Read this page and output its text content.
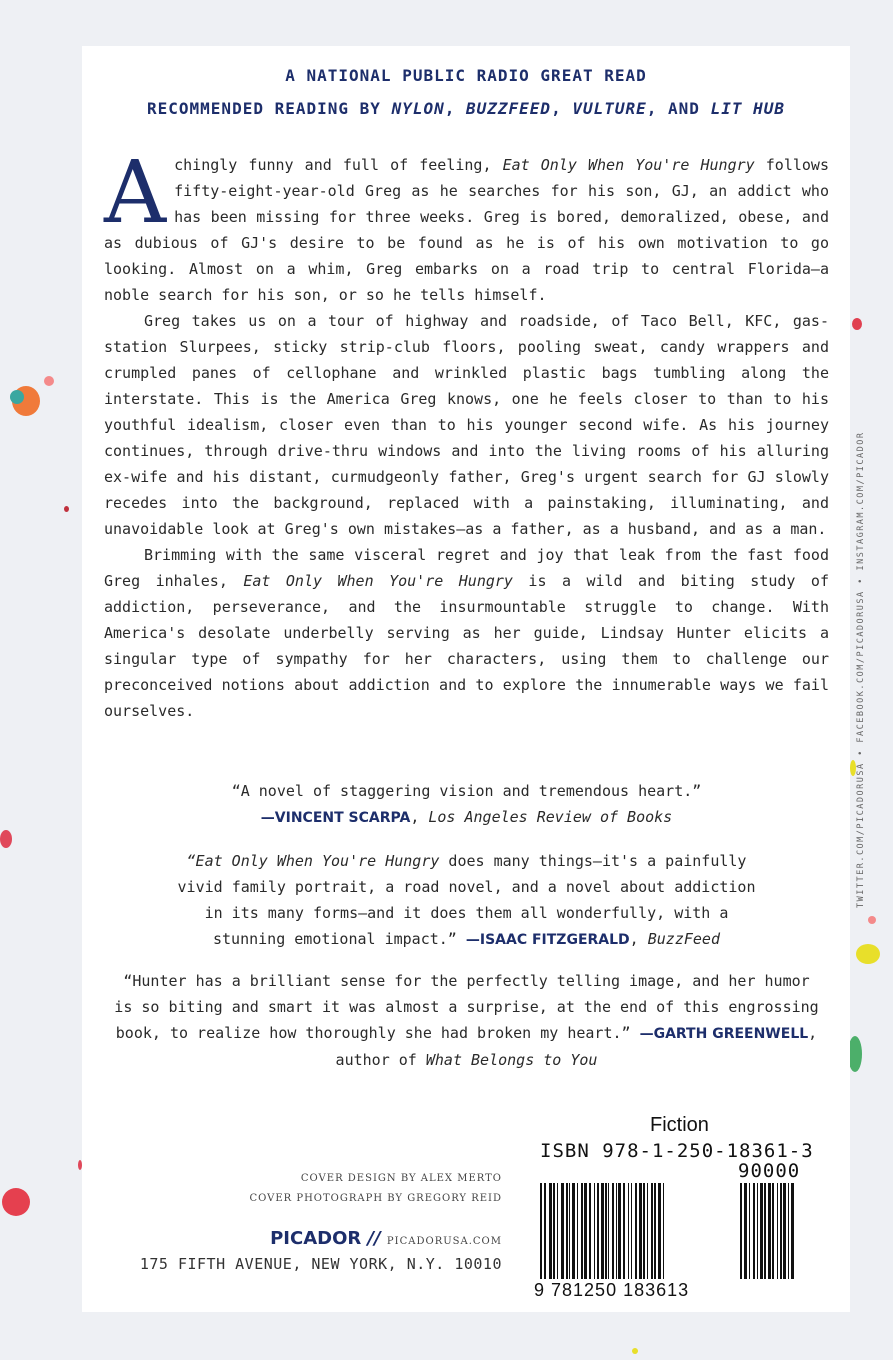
TWITTER.COM/PICADORUSA • FACEBOOK.COM/PICADORUSA • INSTAGRAM.COM/PICADOR
A NATIONAL PUBLIC RADIO GREAT READ
RECOMMENDED READING BY NYLON, BUZZFEED, VULTURE, AND LIT HUB

Achingly funny and full of feeling, Eat Only When You're Hungry follows fifty-eight-year-old Greg as he searches for his son, GJ, an addict who has been missing for three weeks. Greg is bored, demoralized, obese, and as dubious of GJ's desire to be found as he is of his own motivation to go looking. Almost on a whim, Greg embarks on a road trip to central Florida—a noble search for his son, or so he tells himself.

Greg takes us on a tour of highway and roadside, of Taco Bell, KFC, gas-station Slurpees, sticky strip-club floors, pooling sweat, candy wrappers and crumpled panes of cellophane and wrinkled plastic bags tumbling along the interstate. This is the America Greg knows, one he feels closer to than to his youthful idealism, closer even than to his younger second wife. As his journey continues, through drive-thru windows and into the living rooms of his alluring ex-wife and his distant, curmudgeonly father, Greg's urgent search for GJ slowly recedes into the background, replaced with a painstaking, illuminating, and unavoidable look at Greg's own mistakes—as a father, as a husband, and as a man.

Brimming with the same visceral regret and joy that leak from the fast food Greg inhales, Eat Only When You're Hungry is a wild and biting study of addiction, perseverance, and the insurmountable struggle to change. With America's desolate underbelly serving as her guide, Lindsay Hunter elicits a singular type of sympathy for her characters, using them to challenge our preconceived notions about addiction and to explore the innumerable ways we fail ourselves.

“A novel of staggering vision and tremendous heart.”

—VINCENT SCARPA, Los Angeles Review of Books

“Eat Only When You're Hungry does many things—it's a painfully vivid family portrait, a road novel, and a novel about addiction in its many forms—and it does them all wonderfully, with a stunning emotional impact.” —ISAAC FITZGERALD, BuzzFeed

“Hunter has a brilliant sense for the perfectly telling image, and her humor is so biting and smart it was almost a surprise, at the end of this engrossing book, to realize how thoroughly she had broken my heart.” —GARTH GREENWELL, author of What Belongs to You

COVER DESIGN BY ALEX MERTO
COVER PHOTOGRAPH BY GREGORY REID
PICADOR // PICADORUSA.COM
175 FIFTH AVENUE, NEW YORK, N.Y. 10010
Fiction
ISBN 978-1-250-18361-3
90000
9 781250 183613
